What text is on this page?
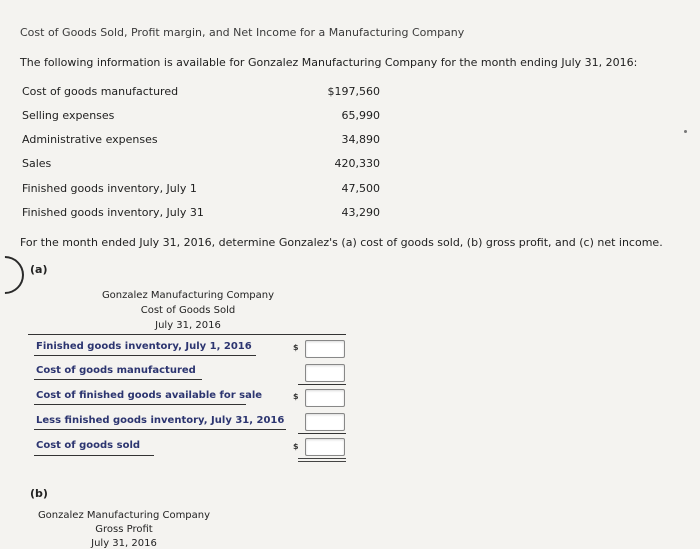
Cost of Goods Sold, Profit margin, and Net Income for a Manufacturing Company
The following information is available for Gonzalez Manufacturing Company for the month ending July 31, 2016:
Cost of goods manufactured	$197,560
Selling expenses	65,990
Administrative expenses	34,890
Sales	420,330
Finished goods inventory, July 1	47,500
Finished goods inventory, July 31	43,290
For the month ended July 31, 2016, determine Gonzalez's (a) cost of goods sold, (b) gross profit, and (c) net income.
(a)
Gonzalez Manufacturing Company
Cost of Goods Sold
July 31, 2016
Finished goods inventory, July 1, 2016	$
Cost of goods manufactured
Cost of finished goods available for sale	$
Less finished goods inventory, July 31, 2016
Cost of goods sold	$
(b)
Gonzalez Manufacturing Company
Gross Profit
July 31, 2016
